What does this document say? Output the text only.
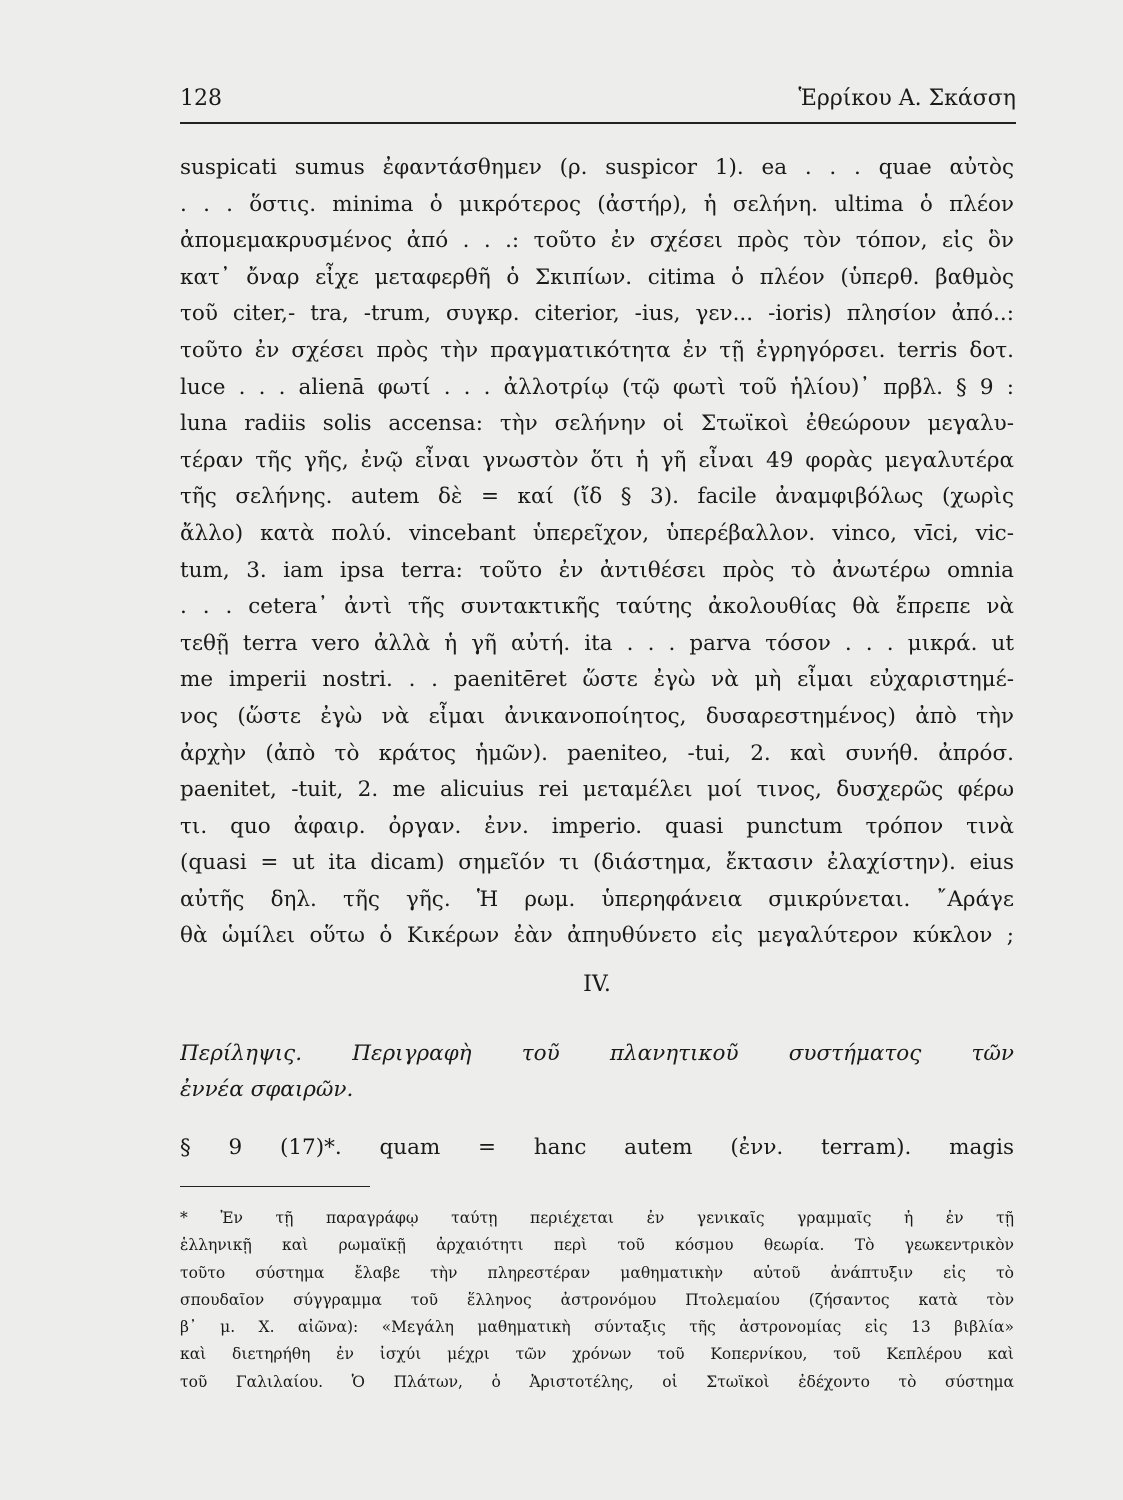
128	Ἑρρίκου Α. Σκάσση
suspicati sumus ἐφαντάσθημεν (ρ. suspicor 1). ea . . . quae αὐτὸς
. . . ὅστις. minima ὁ μικρότερος (ἀστήρ), ἡ σελήνη. ultima ὁ πλέον
ἀπομεμακρυσμένος ἀπό . . .: τοῦτο ἐν σχέσει πρὸς τὸν τόπον, εἰς ὃν
κατ᾽ ὄναρ εἶχε μεταφερθῆ ὁ Σκιπίων. citima ὁ πλέον (ὑπερθ. βαθμὸς
τοῦ citer,- tra, -trum, συγκρ. citerior, -ius, γεν... -ioris) πλησίον ἀπό..:
τοῦτο ἐν σχέσει πρὸς τὴν πραγματικότητα ἐν τῇ ἐγρηγόρσει. terris δοτ.
luce . . . alienā φωτί . . . ἀλλοτρίῳ (τῷ φωτὶ τοῦ ἡλίου)᾽ πρβλ. § 9 :
luna radiis solis accensa: τὴν σελήνην οἱ Στωϊκοὶ ἐθεώρουν μεγαλυ-
τέραν τῆς γῆς, ἐνῷ εἶναι γνωστὸν ὅτι ἡ γῆ εἶναι 49 φορὰς μεγαλυτέρα
τῆς σελήνης. autem δὲ = καί (ἴδ § 3). facile ἀναμφιβόλως (χωρὶς
ἄλλο) κατὰ πολύ. vincebant ὑπερεῖχον, ὑπερέβαλλον. vinco, vīci, vic-
tum, 3. iam ipsa terra: τοῦτο ἐν ἀντιθέσει πρὸς τὸ ἀνωτέρω omnia
. . . cetera᾽ ἀντὶ τῆς συντακτικῆς ταύτης ἀκολουθίας θὰ ἔπρεπε νὰ
τεθῇ terra vero ἀλλὰ ἡ γῆ αὐτή. ita . . . parva τόσον . . . μικρά. ut
me imperii nostri. . . paenitēret ὥστε ἐγὼ νὰ μὴ εἶμαι εὐχαριστημέ-
νος (ὥστε ἐγὼ νὰ εἶμαι ἀνικανοποίητος, δυσαρεστημένος) ἀπὸ τὴν
ἀρχὴν (ἀπὸ τὸ κράτος ἡμῶν). paeniteo, -tui, 2. καὶ συνήθ. ἀπρόσ.
paenitet, -tuit, 2. me alicuius rei μεταμέλει μοί τινος, δυσχερῶς φέρω
τι. quo ἀφαιρ. ὀργαν. ἐνν. imperio. quasi punctum τρόπον τινὰ
(quasi = ut ita dicam) σημεῖόν τι (διάστημα, ἔκτασιν ἐλαχίστην). eius
αὐτῆς δηλ. τῆς γῆς. Ἡ ρωμ. ὑπερηφάνεια σμικρύνεται. ῎Αράγε
θὰ ὡμίλει οὕτω ὁ Κικέρων ἐὰν ἀπηυθύνετο εἰς μεγαλύτερον κύκλον ;
IV.
Περίληψις. Περιγραφὴ τοῦ πλανητικοῦ συστήματος τῶν
ἐννέα σφαιρῶν.
§ 9 (17)*. quam = hanc autem (ἐνν. terram). magis
* Ἐν τῇ παραγράφῳ ταύτῃ περιέχεται ἐν γενικαῖς γραμμαῖς ἡ ἐν τῇ
ἑλληνικῇ καὶ ρωμαϊκῇ ἀρχαιότητι περὶ τοῦ κόσμου θεωρία. Τὸ γεωκεντρικὸν
τοῦτο σύστημα ἔλαβε τὴν πληρεστέραν μαθηματικὴν αὐτοῦ ἀνάπτυξιν εἰς τὸ
σπουδαῖον σύγγραμμα τοῦ ἕλληνος ἀστρονόμου Πτολεμαίου (ζήσαντος κατὰ τὸν
β᾽ μ. Χ. αἰῶνα): «Μεγάλη μαθηματικὴ σύνταξις τῆς ἀστρονομίας εἰς 13 βιβλία»
καὶ διετηρήθη ἐν ἰσχύι μέχρι τῶν χρόνων τοῦ Κοπερνίκου, τοῦ Κεπλέρου καὶ
τοῦ Γαλιλαίου. Ὁ Πλάτων, ὁ Ἀριστοτέλης, οἱ Στωϊκοὶ ἐδέχοντο τὸ σύστημα
